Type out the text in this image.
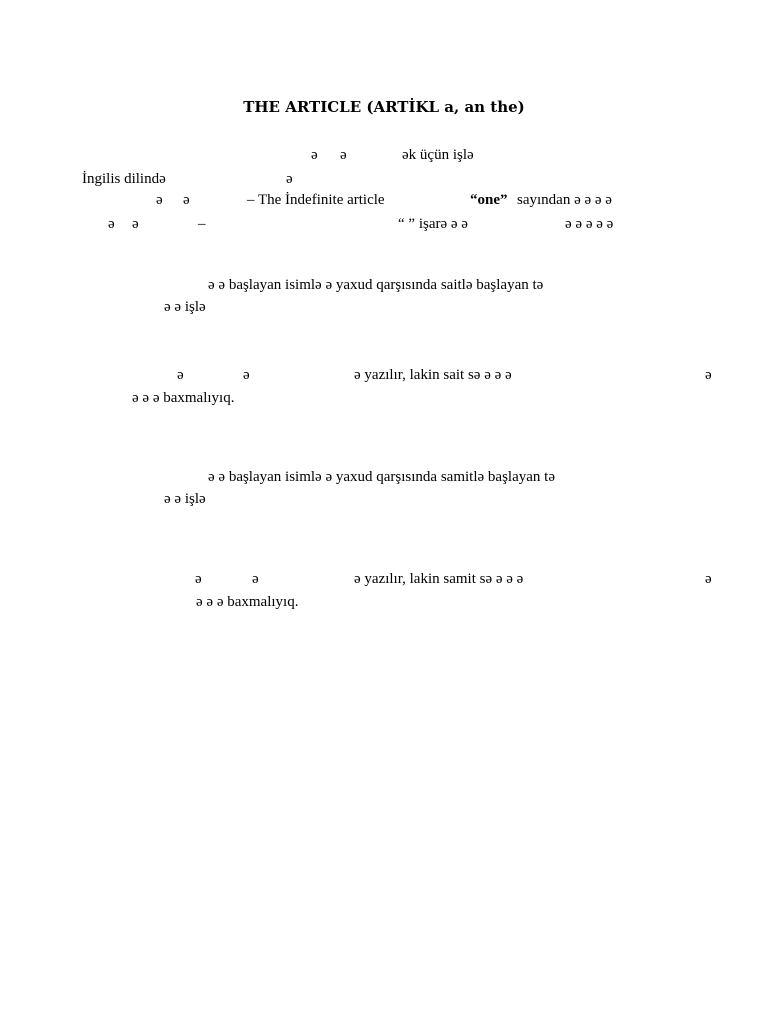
THE ARTICLE (ARTİKL a, an the)
ə ə	ək üçün işlə
İngilis dilində	ə
ə ə	– The İndefinite article	“one” sayından ə ə ə ə
ə ə	–	“ ” işarə ə ə	ə ə ə ə ə
ə ə başlayan isimlə ə yaxud qarşısında saitlə başlayan tə
ə ə işlə
ə	ə	ə yazılır, lakin sait sə ə ə ə	ə
ə ə ə baxmalıyıq.
ə ə başlayan isimlə ə yaxud qarşısında samitlə başlayan tə
ə ə işlə
ə	ə	ə yazılır, lakin samit sə ə ə ə	ə
ə ə ə baxmalıyıq.
